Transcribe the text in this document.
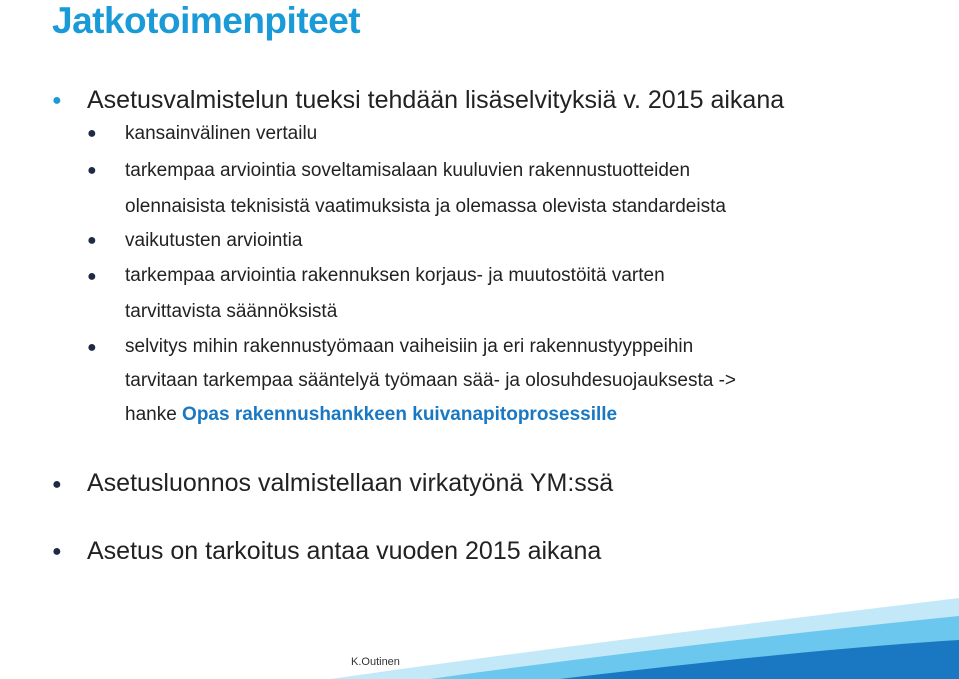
Jatkotoimenpiteet
● Asetusvalmistelun tueksi tehdään lisäselvityksiä v. 2015 aikana
● kansainvälinen vertailu
● tarkempaa arviointia soveltamisalaan kuuluvien rakennustuotteiden
olennaisista teknisistä vaatimuksista ja olemassa olevista standardeista
● vaikutusten arviointia
● tarkempaa arviointia rakennuksen korjaus- ja muutostöitä varten
tarvittavista säännöksistä
● selvitys mihin rakennustyömaan vaiheisiin ja eri rakennustyyppeihin
tarvitaan tarkempaa sääntelyä työmaan sää- ja olosuhdesuojauksesta ->
hanke Opas rakennushankkeen kuivanapitoprosessille
● Asetusluonnos valmistellaan virkatyönä YM:ssä
● Asetus on tarkoitus antaa vuoden 2015 aikana
K.Outinen	13
